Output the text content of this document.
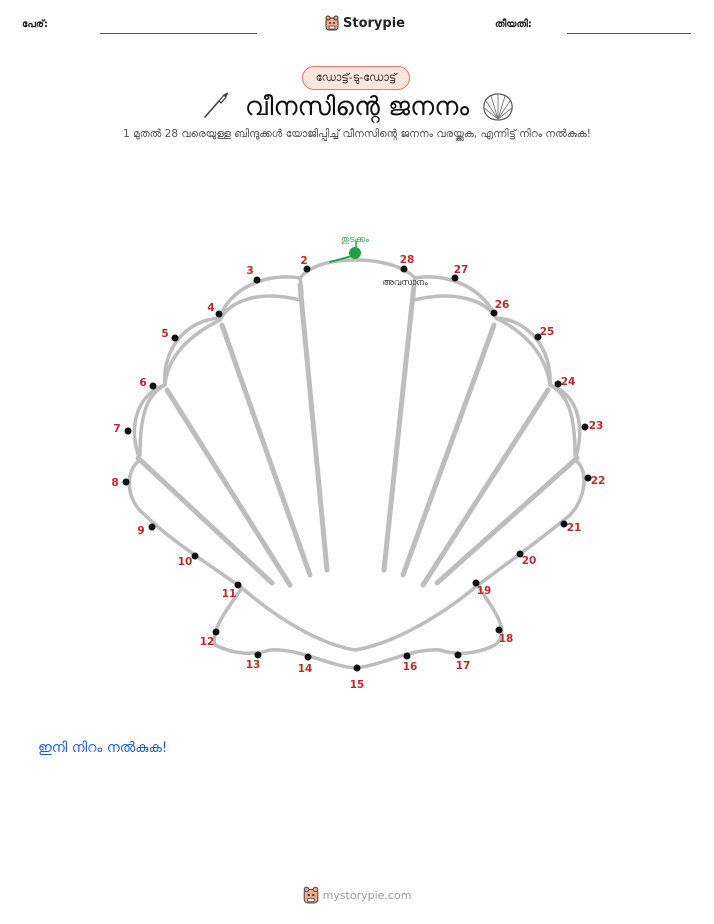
പേര്:	Storypie	തീയതി:
ഡോട്ട്-ടു-ഡോട്ട്
വീനസിന്റെ ജനനം
1 മുതൽ 28 വരെയുള്ള ബിന്ദുക്കൾ യോജിപ്പിച്ച് വീനസിന്റെ ജനനം വരയ്ക്കുക, എന്നിട്ട് നിറം നൽകുക!
തുടക്കം
അവസാനം
2
3
4
5
6
7
8
9
10
11
12
13	14
15
16	17
18
19
20
21
22
23
24
25
26
27
28
ഇനി നിറം നൽകുക!
mystorypie.com
